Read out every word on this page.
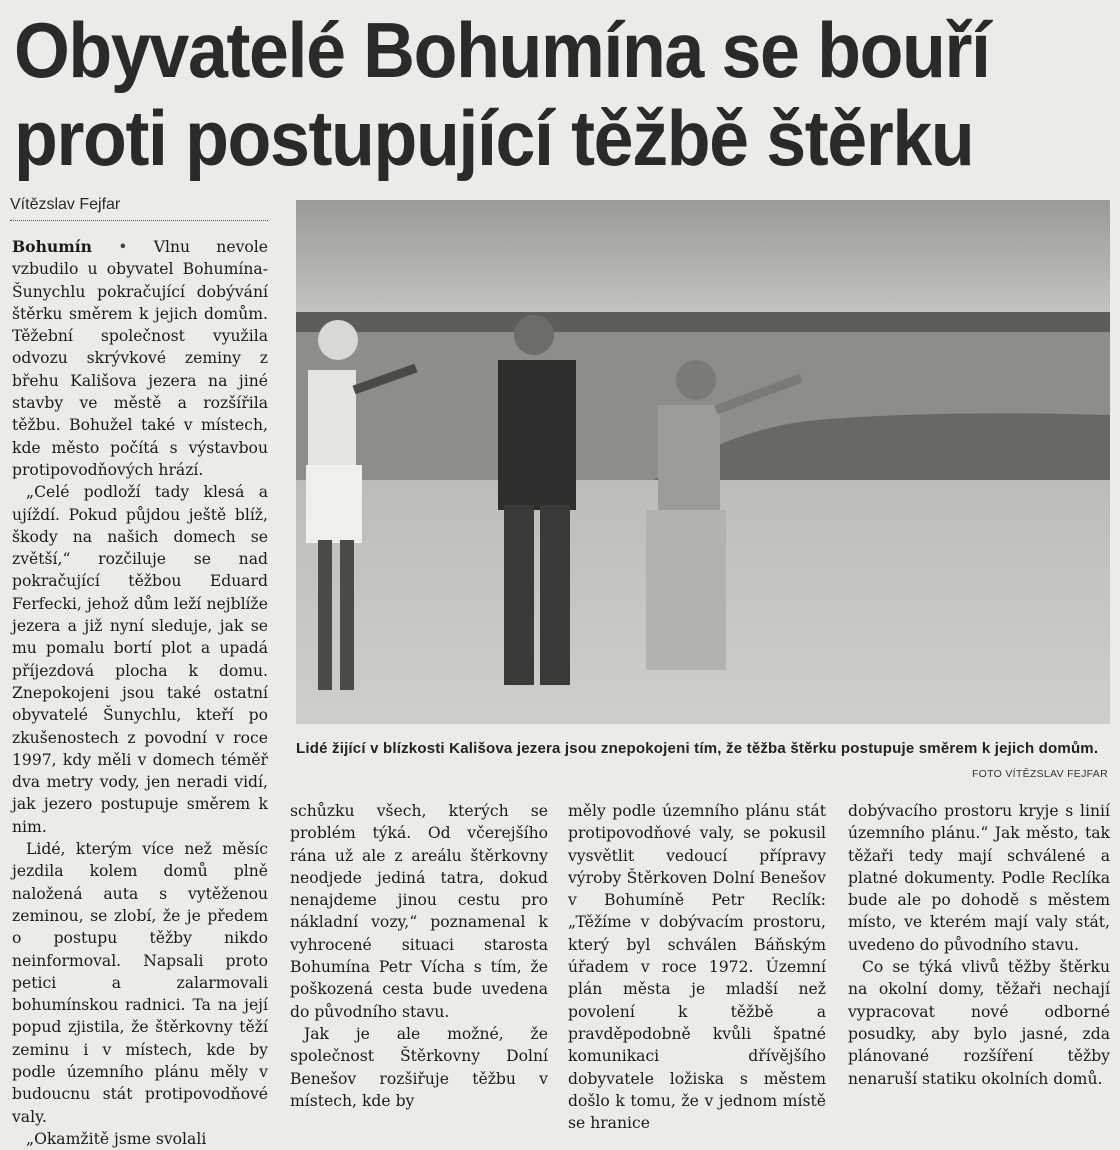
Obyvatelé Bohumína se bouří
proti postupující těžbě štěrku
Vítězslav Fejfar

Bohumín • Vlnu nevole vzbudilo u obyvatel Bohumína-Šunychlu pokračující dobývání štěrku směrem k jejich domům. Těžební společnost využila odvozu skrývkové zeminy z břehu Kališova jezera na jiné stavby ve městě a rozšířila těžbu. Bohužel také v místech, kde město počítá s výstavbou protipovodňových hrází.

„Celé podloží tady klesá a ujíždí. Pokud půjdou ještě blíž, škody na našich domech se zvětší,“ rozčiluje se nad pokračující těžbou Eduard Ferfecki, jehož dům leží nejblíže jezera a již nyní sleduje, jak se mu pomalu bortí plot a upadá příjezdová plocha k domu. Znepokojeni jsou také ostatní obyvatelé Šunychlu, kteří po zkušenostech z povodní v roce 1997, kdy měli v domech téměř dva metry vody, jen neradi vidí, jak jezero postupuje směrem k nim.

Lidé, kterým více než měsíc jezdila kolem domů plně naložená auta s vytěženou zeminou, se zlobí, že je předem o postupu těžby nikdo neinformoval. Napsali proto petici a zalarmovali bohumínskou radnici. Ta na její popud zjistila, že štěrkovny těží zeminu i v místech, kde by podle územního plánu měly v budoucnu stát protipovodňové valy.

„Okamžitě jsme svolali

Lidé žijící v blízkosti Kališova jezera jsou znepokojeni tím, že těžba štěrku postupuje směrem k jejich domům.
FOTO VÍTĚZSLAV FEJFAR

schůzku všech, kterých se problém týká. Od včerejšího rána už ale z areálu štěrkovny neodjede jediná tatra, dokud nenajdeme jinou cestu pro nákladní vozy,“ poznamenal k vyhrocené situaci starosta Bohumína Petr Vícha s tím, že poškozená cesta bude uvedena do původního stavu.

Jak je ale možné, že společnost Štěrkovny Dolní Benešov rozšiřuje těžbu v místech, kde by

měly podle územního plánu stát protipovodňové valy, se pokusil vysvětlit vedoucí přípravy výroby Štěrkoven Dolní Benešov v Bohumíně Petr Reclík: „Těžíme v dobývacím prostoru, který byl schválen Báňským úřadem v roce 1972. Územní plán města je mladší než povolení k těžbě a pravděpodobně kvůli špatné komunikaci dřívějšího dobyvatele ložiska s městem došlo k tomu, že v jednom místě se hranice

dobývacího prostoru kryje s linií územního plánu.“ Jak město, tak těžaři tedy mají schválené a platné dokumenty. Podle Reclíka bude ale po dohodě s městem místo, ve kterém mají valy stát, uvedeno do původního stavu.

Co se týká vlivů těžby štěrku na okolní domy, těžaři nechají vypracovat nové odborné posudky, aby bylo jasné, zda plánované rozšíření těžby nenaruší statiku okolních domů.
